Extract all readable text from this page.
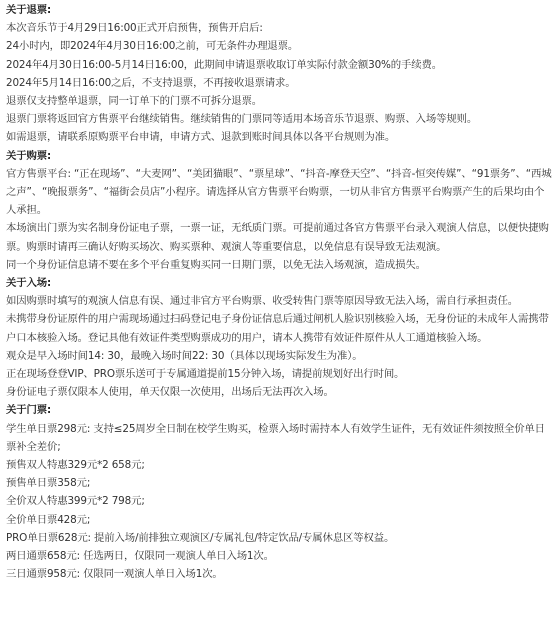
关于退票:
本次音乐节于4月29日16:00正式开启预售，预售开启后:
24小时内，即2024年4月30日16:00之前，可无条件办理退票。
2024年4月30日16:00-5月14日16:00，此期间申请退票收取订单实际付款金额30%的手续费。
2024年5月14日16:00之后，不支持退票，不再接收退票请求。
退票仅支持整单退票，同一订单下的门票不可拆分退票。
退票门票将返回官方售票平台继续销售。继续销售的门票同等适用本场音乐节退票、购票、入场等规则。
如需退票，请联系原购票平台申请，申请方式、退款到账时间具体以各平台规则为准。
关于购票:
官方售票平台: “正在现场”、“大麦网”、“美团猫眼”、“票星球”、“抖音-摩登天空”、“抖音-恒突传媒”、“91票务”、“西城之声”、“晚报票务”、“福街会员店”小程序。请选择从官方售票平台购票，一切从非官方售票平台购票产生的后果均由个人承担。
本场演出门票为实名制身份证电子票，一票一证，无纸质门票。可提前通过各官方售票平台录入观演人信息，以便快捷购票。购票时请再三确认好购买场次、购买票种、观演人等重要信息，以免信息有误导致无法观演。
同一个身份证信息请不要在多个平台重复购买同一日期门票，以免无法入场观演，造成损失。
关于入场:
如因购票时填写的观演人信息有误、通过非官方平台购票、收受转售门票等原因导致无法入场，需自行承担责任。
未携带身份证原件的用户需现场通过扫码登记电子身份证信息后通过闸机人脸识别核验入场，无身份证的未成年人需携带户口本核验入场。登记具他有效证件类型购票成功的用户，请本人携带有效证件原件从人工通道核验入场。
观众是早入场时间14: 30，最晚入场时间22: 30（具体以现场实际发生为准）。
正在现场登登VIP、PRO票乐送可于专属通道提前15分钟入场，请提前规划好出行时间。
身份证电子票仅限本人使用，单天仅限一次使用，出场后无法再次入场。
关于门票:
学生单日票298元: 支持≤25周岁全日制在校学生购买，检票入场时需持本人有效学生证件，无有效证件须按照全价单日票补全差价;
预售双人特惠329元*2 658元;
预售单日票358元;
全价双人特惠399元*2 798元;
全价单日票428元;
PRO单日票628元: 提前入场/前排独立观演区/专属礼包/特定饮品/专属休息区等权益。
两日通票658元: 任选两日，仅限同一观演人单日入场1次。
三日通票958元: 仅限同一观演人单日入场1次。
